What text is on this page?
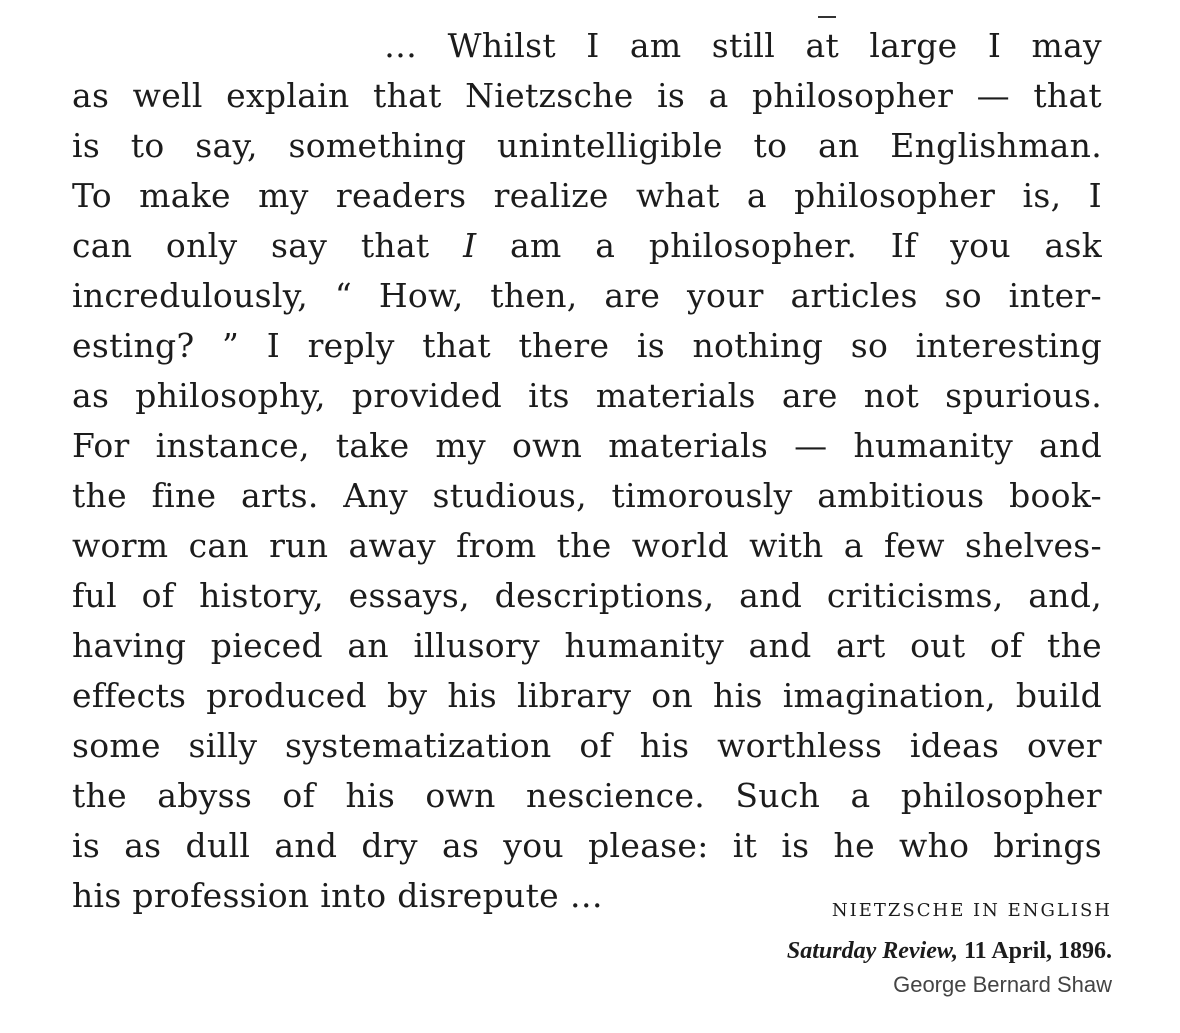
… Whilst I am still at large I may
as well explain that Nietzsche is a philosopher — that
is to say, something unintelligible to an Englishman.
To make my readers realize what a philosopher is, I
can only say that I am a philosopher. If you ask
incredulously, “ How, then, are your articles so inter-
esting? ” I reply that there is nothing so interesting
as philosophy, provided its materials are not spurious.
For instance, take my own materials — humanity and
the fine arts. Any studious, timorously ambitious book-
worm can run away from the world with a few shelves-
ful of history, essays, descriptions, and criticisms, and,
having pieced an illusory humanity and art out of the
effects produced by his library on his imagination, build
some silly systematization of his worthless ideas over
the abyss of his own nescience. Such a philosopher
is as dull and dry as you please: it is he who brings
his profession into disrepute …	NIETZSCHE IN ENGLISH
Saturday Review, 11 April, 1896.
George Bernard Shaw
